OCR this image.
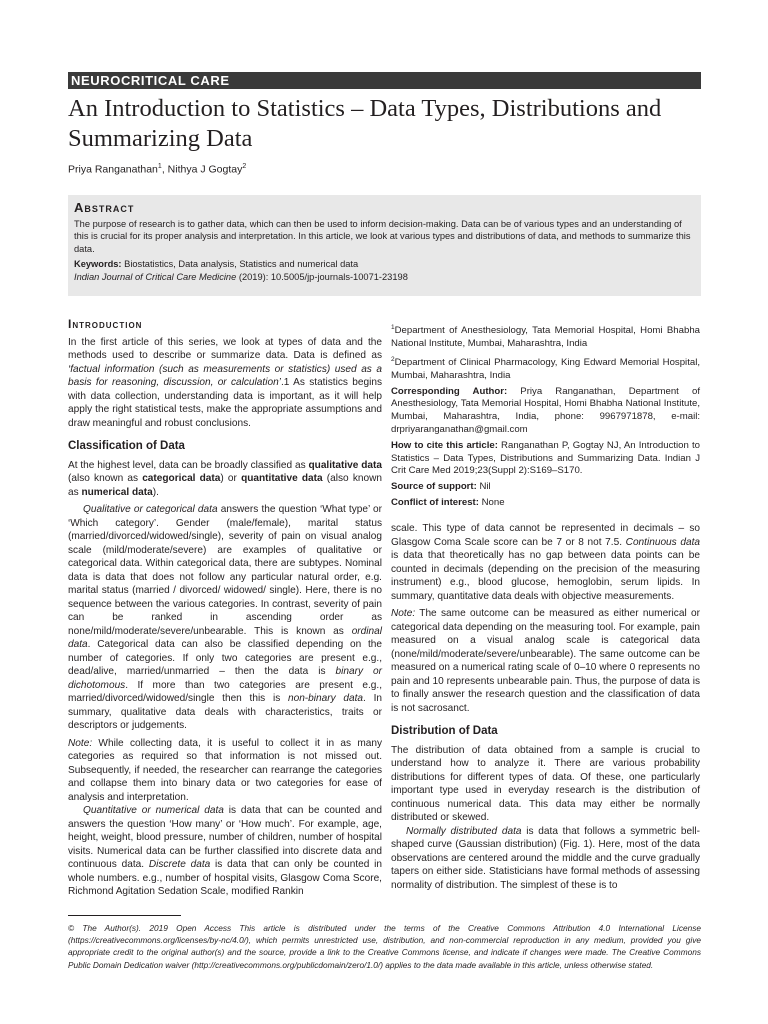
NEUROCRITICAL CARE
An Introduction to Statistics – Data Types, Distributions and Summarizing Data
Priya Ranganathan$^1$, Nithya J Gogtay$^2$
Abstract
The purpose of research is to gather data, which can then be used to inform decision-making. Data can be of various types and an understanding of this is crucial for its proper analysis and interpretation. In this article, we look at various types and distributions of data, and methods to summarize this data.
Keywords: Biostatistics, Data analysis, Statistics and numerical data
Indian Journal of Critical Care Medicine (2019): 10.5005/jp-journals-10071-23198
Introduction

In the first article of this series, we look at types of data and the methods used to describe or summarize data. Data is defined as ‘factual information (such as measurements or statistics) used as a basis for reasoning, discussion, or calculation’.1 As statistics begins with data collection, understanding data is important, as it will help apply the right statistical tests, make the appropriate assumptions and draw meaningful and robust conclusions.

Classification of Data

At the highest level, data can be broadly classified as qualitative data (also known as categorical data) or quantitative data (also known as numerical data).

Qualitative or categorical data answers the question ‘What type’ or ‘Which category’. Gender (male/female), marital status (married/divorced/widowed/single), severity of pain on visual analog scale (mild/moderate/severe) are examples of qualitative or categorical data. Within categorical data, there are subtypes. Nominal data is data that does not follow any particular natural order, e.g. marital status (married / divorced/ widowed/ single). Here, there is no sequence between the various categories. In contrast, severity of pain can be ranked in ascending order as none/mild/moderate/severe/unbearable. This is known as ordinal data. Categorical data can also be classified depending on the number of categories. If only two categories are present e.g., dead/alive, married/unmarried – then the data is binary or dichotomous. If more than two categories are present e.g., married/divorced/widowed/single then this is non-binary data. In summary, qualitative data deals with characteristics, traits or descriptors or judgements.

Note: While collecting data, it is useful to collect it in as many categories as required so that information is not missed out. Subsequently, if needed, the researcher can rearrange the categories and collapse them into binary data or two categories for ease of analysis and interpretation.

Quantitative or numerical data is data that can be counted and answers the question ‘How many’ or ‘How much’. For example, age, height, weight, blood pressure, number of children, number of hospital visits. Numerical data can be further classified into discrete data and continuous data. Discrete data is data that can only be counted in whole numbers. e.g., number of hospital visits, Glasgow Coma Score, Richmond Agitation Sedation Scale, modified Rankin

$^1$Department of Anesthesiology, Tata Memorial Hospital, Homi Bhabha National Institute, Mumbai, Maharashtra, India
$^2$Department of Clinical Pharmacology, King Edward Memorial Hospital, Mumbai, Maharashtra, India
Corresponding Author: Priya Ranganathan, Department of Anesthesiology, Tata Memorial Hospital, Homi Bhabha National Institute, Mumbai, Maharashtra, India, phone: 9967971878, e-mail: drpriyaranganathan@gmail.com
How to cite this article: Ranganathan P, Gogtay NJ, An Introduction to Statistics – Data Types, Distributions and Summarizing Data. Indian J Crit Care Med 2019;23(Suppl 2):S169–S170.
Source of support: Nil
Conflict of interest: None

scale. This type of data cannot be represented in decimals – so Glasgow Coma Scale score can be 7 or 8 not 7.5. Continuous data is data that theoretically has no gap between data points can be counted in decimals (depending on the precision of the measuring instrument) e.g., blood glucose, hemoglobin, serum lipids. In summary, quantitative data deals with objective measurements.

Note: The same outcome can be measured as either numerical or categorical data depending on the measuring tool. For example, pain measured on a visual analog scale is categorical data (none/mild/moderate/severe/unbearable). The same outcome can be measured on a numerical rating scale of 0–10 where 0 represents no pain and 10 represents unbearable pain. Thus, the purpose of data is to finally answer the research question and the classification of data is not sacrosanct.

Distribution of Data

The distribution of data obtained from a sample is crucial to understand how to analyze it. There are various probability distributions for different types of data. Of these, one particularly important type used in everyday research is the distribution of continuous numerical data. This data may either be normally distributed or skewed.

Normally distributed data is data that follows a symmetric bell-shaped curve (Gaussian distribution) (Fig. 1). Here, most of the data observations are centered around the middle and the curve gradually tapers on either side. Statisticians have formal methods of assessing normality of distribution. The simplest of these is to

© The Author(s). 2019 Open Access This article is distributed under the terms of the Creative Commons Attribution 4.0 International License (https://creativecommons.org/licenses/by-nc/4.0/), which permits unrestricted use, distribution, and non-commercial reproduction in any medium, provided you give appropriate credit to the original author(s) and the source, provide a link to the Creative Commons license, and indicate if changes were made. The Creative Commons Public Domain Dedication waiver (http://creativecommons.org/publicdomain/zero/1.0/) applies to the data made available in this article, unless otherwise stated.
